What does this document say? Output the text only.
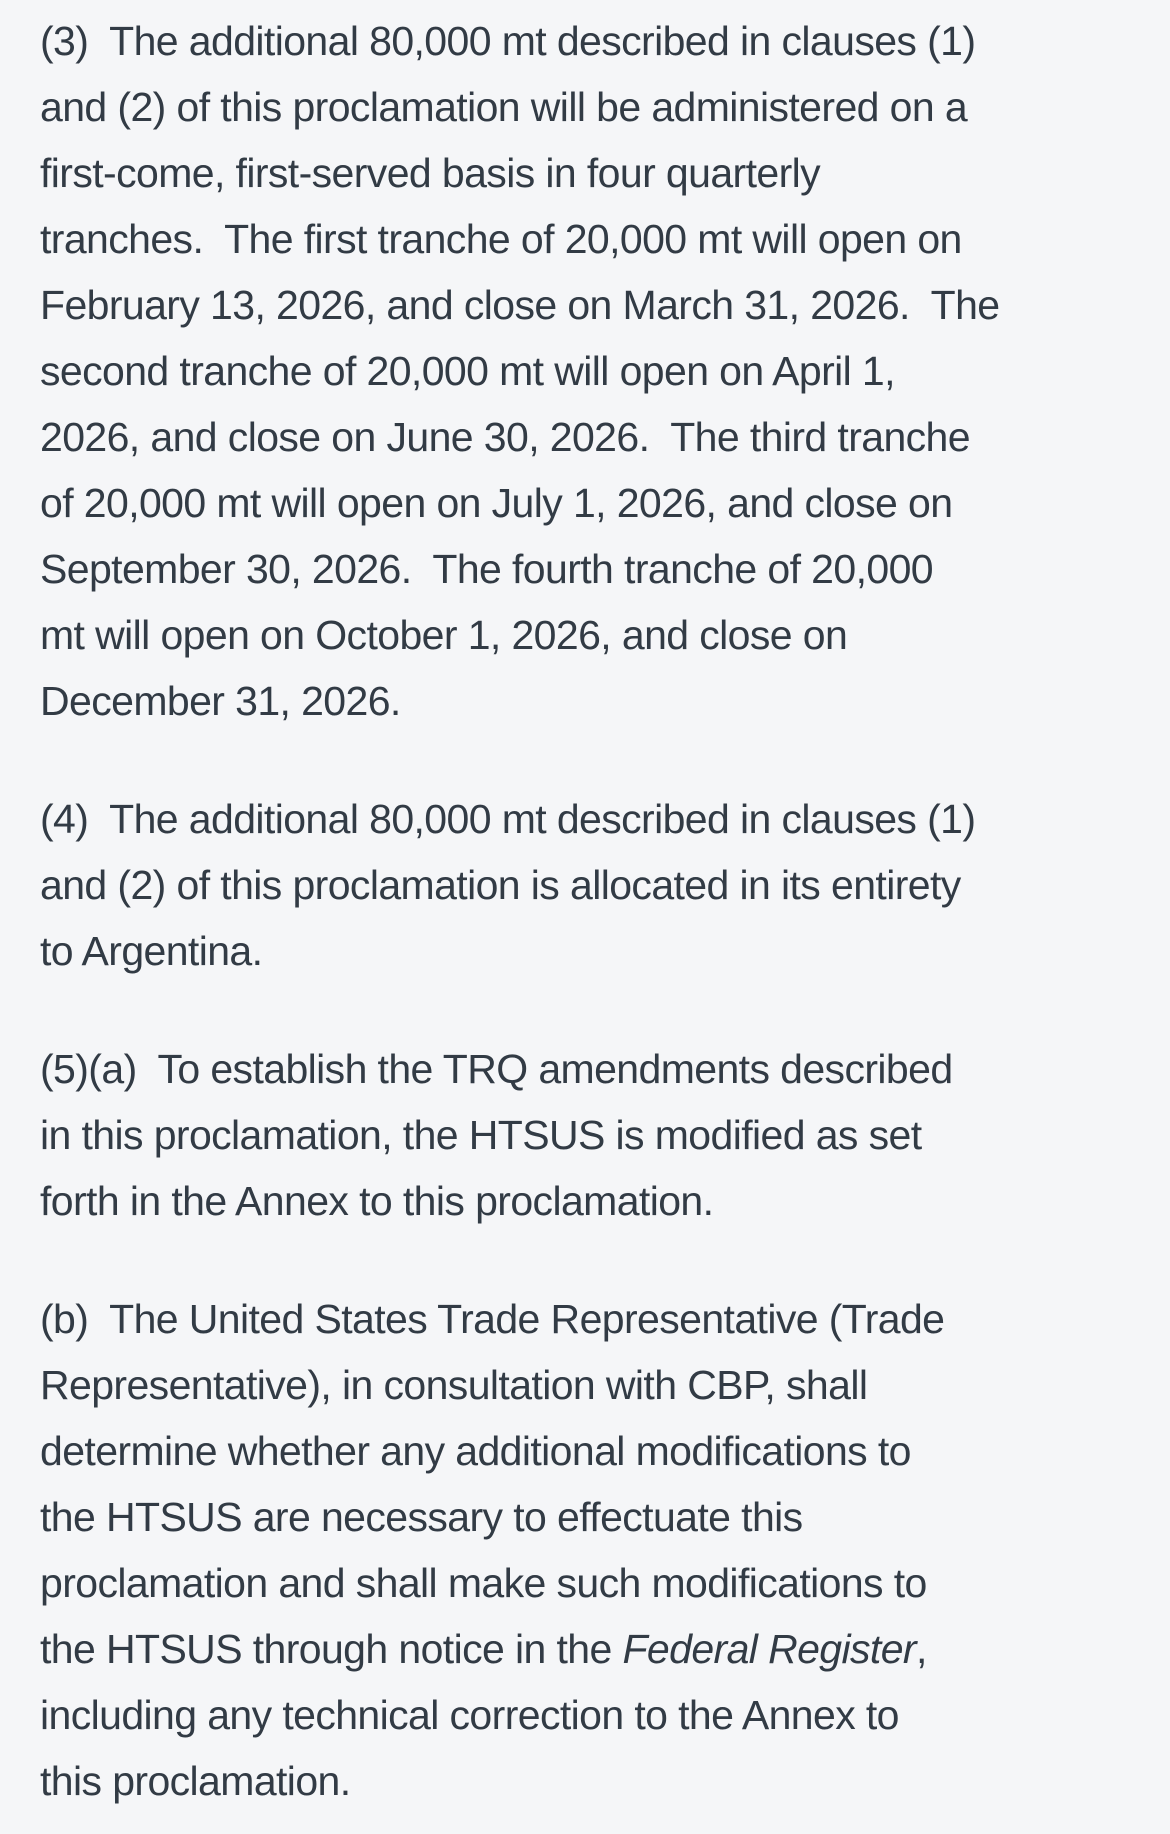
(3)  The additional 80,000 mt described in clauses (1)
and (2) of this proclamation will be administered on a
first-come, first-served basis in four quarterly
tranches.  The first tranche of 20,000 mt will open on
February 13, 2026, and close on March 31, 2026.  The
second tranche of 20,000 mt will open on April 1,
2026, and close on June 30, 2026.  The third tranche
of 20,000 mt will open on July 1, 2026, and close on
September 30, 2026.  The fourth tranche of 20,000
mt will open on October 1, 2026, and close on
December 31, 2026.
(4)  The additional 80,000 mt described in clauses (1)
and (2) of this proclamation is allocated in its entirety
to Argentina.
(5)(a)  To establish the TRQ amendments described
in this proclamation, the HTSUS is modified as set
forth in the Annex to this proclamation.
(b)  The United States Trade Representative (Trade
Representative), in consultation with CBP, shall
determine whether any additional modifications to
the HTSUS are necessary to effectuate this
proclamation and shall make such modifications to
the HTSUS through notice in the Federal Register,
including any technical correction to the Annex to
this proclamation.
